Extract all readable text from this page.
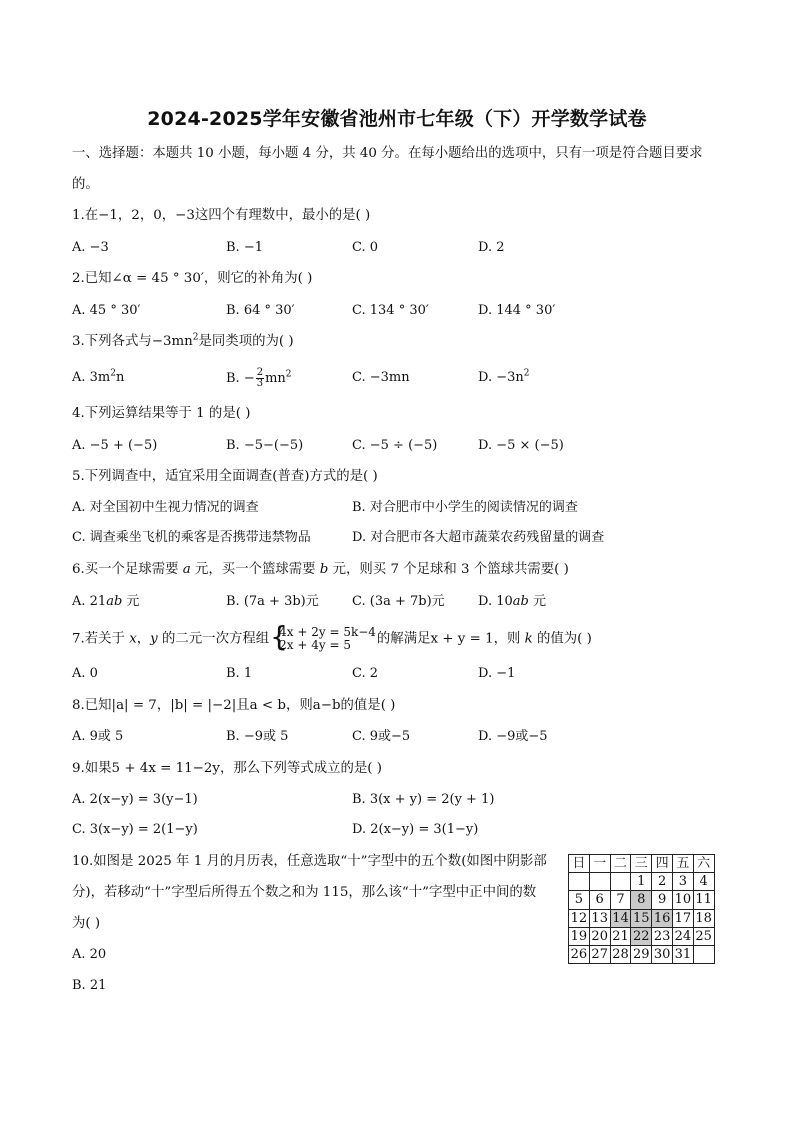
2024-2025学年安徽省池州市七年级（下）开学数学试卷
一、选择题：本题共 10 小题，每小题 4 分，共 40 分。在每小题给出的选项中，只有一项是符合题目要求
的。
1.在−1，2，0，−3这四个有理数中，最小的是( )
A. −3	B. −1	C. 0	D. 2
2.已知∠α = 45 ° 30′，则它的补角为( )
A. 45 ° 30′	B. 64 ° 30′	C. 134 ° 30′	D. 144 ° 30′
3.下列各式与$-3mn^2$是同类项的为( )
A. $3m^2n$	B. − $\frac{2}{3} mn^2$	C. −3mn	D. $-3n^2$
4.下列运算结果等于 1 的是( )
A. −5 + (−5)	B. −5−(−5)	C. −5 ÷ (−5)	D. −5 × (−5)
5.下列调查中，适宜采用全面调查(普查)方式的是( )
A. 对全国初中生视力情况的调查	B. 对合肥市中小学生的阅读情况的调查
C. 调查乘坐飞机的乘客是否携带违禁物品	D. 对合肥市各大超市蔬菜农药残留量的调查
6.买一个足球需要 a 元，买一个篮球需要 b 元，则买 7 个足球和 3 个篮球共需要( )
A. 21ab 元	B. (7a + 3b)元	C. (3a + 7b)元	D. 10ab 元
7.若关于 x，y 的二元一次方程组 {
4x + 2y = 5k−4
2x + 4y = 5	的解满足x + y = 1，则 k 的值为( )
A. 0	B. 1	C. 2	D. −1
8.已知|a| = 7，|b| = |−2|且a < b，则a−b的值是( )
A. 9或 5	B. −9或 5	C. 9或−5	D. −9或−5
9.如果5 + 4x = 11−2y，那么下列等式成立的是( )
A. 2(x−y) = 3(y−1)	B. 3(x + y) = 2(y + 1)
C. 3(x−y) = 2(1−y)	D. 2(x−y) = 3(1−y)
10.如图是 2025 年 1 月的月历表，任意选取“十”字型中的五个数(如图中阴影部
分)，若移动“十”字型后所得五个数之和为 115，那么该“十”字型中正中间的数
为( )
A. 20
B. 21
日	一	二	三	四	五	六
			1	2	3	4
5	6	7	8	9	10	11
12	13	14	15	16	17	18
19	20	21	22	23	24	25
26	27	28	29	30	31	
